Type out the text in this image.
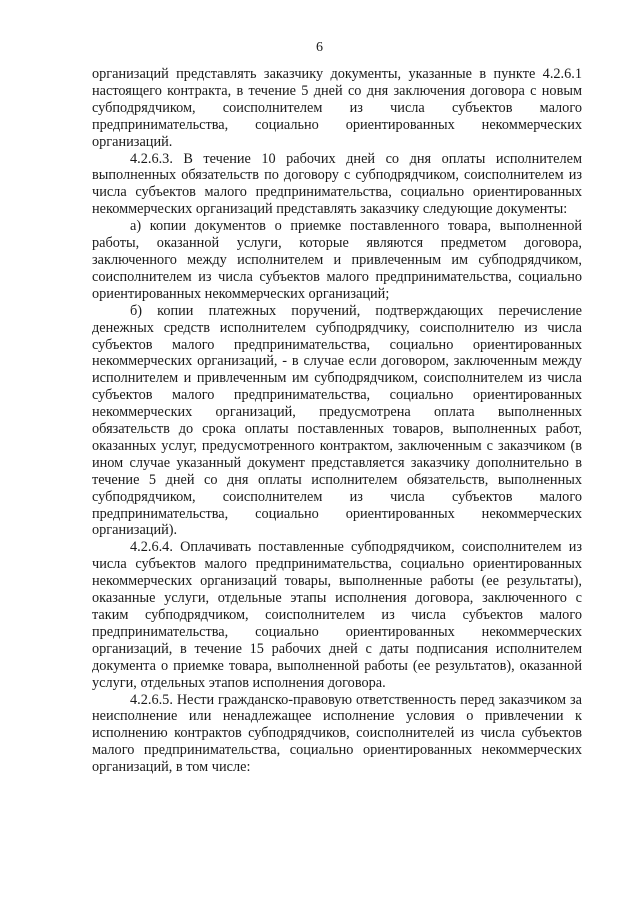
6

организаций представлять заказчику документы, указанные в пункте 4.2.6.1 настоящего контракта, в течение 5 дней со дня заключения договора с новым субподрядчиком, соисполнителем из числа субъектов малого предпринимательства, социально ориентированных некоммерческих организаций.

4.2.6.3. В течение 10 рабочих дней со дня оплаты исполнителем выполненных обязательств по договору с субподрядчиком, соисполнителем из числа субъектов малого предпринимательства, социально ориентированных некоммерческих организаций представлять заказчику следующие документы:

а) копии документов о приемке поставленного товара, выполненной работы, оказанной услуги, которые являются предметом договора, заключенного между исполнителем и привлеченным им субподрядчиком, соисполнителем из числа субъектов малого предпринимательства, социально ориентированных некоммерческих организаций;

б) копии платежных поручений, подтверждающих перечисление денежных средств исполнителем субподрядчику, соисполнителю из числа субъектов малого предпринимательства, социально ориентированных некоммерческих организаций, - в случае если договором, заключенным между исполнителем и привлеченным им субподрядчиком, соисполнителем из числа субъектов малого предпринимательства, социально ориентированных некоммерческих организаций, предусмотрена оплата выполненных обязательств до срока оплаты поставленных товаров, выполненных работ, оказанных услуг, предусмотренного контрактом, заключенным с заказчиком (в ином случае указанный документ представляется заказчику дополнительно в течение 5 дней со дня оплаты исполнителем обязательств, выполненных субподрядчиком, соисполнителем из числа субъектов малого предпринимательства, социально ориентированных некоммерческих организаций).

4.2.6.4. Оплачивать поставленные субподрядчиком, соисполнителем из числа субъектов малого предпринимательства, социально ориентированных некоммерческих организаций товары, выполненные работы (ее результаты), оказанные услуги, отдельные этапы исполнения договора, заключенного с таким субподрядчиком, соисполнителем из числа субъектов малого предпринимательства, социально ориентированных некоммерческих организаций, в течение 15 рабочих дней с даты подписания исполнителем документа о приемке товара, выполненной работы (ее результатов), оказанной услуги, отдельных этапов исполнения договора.

4.2.6.5. Нести гражданско-правовую ответственность перед заказчиком за неисполнение или ненадлежащее исполнение условия о привлечении к исполнению контрактов субподрядчиков, соисполнителей из числа субъектов малого предпринимательства, социально ориентированных некоммерческих организаций, в том числе:
